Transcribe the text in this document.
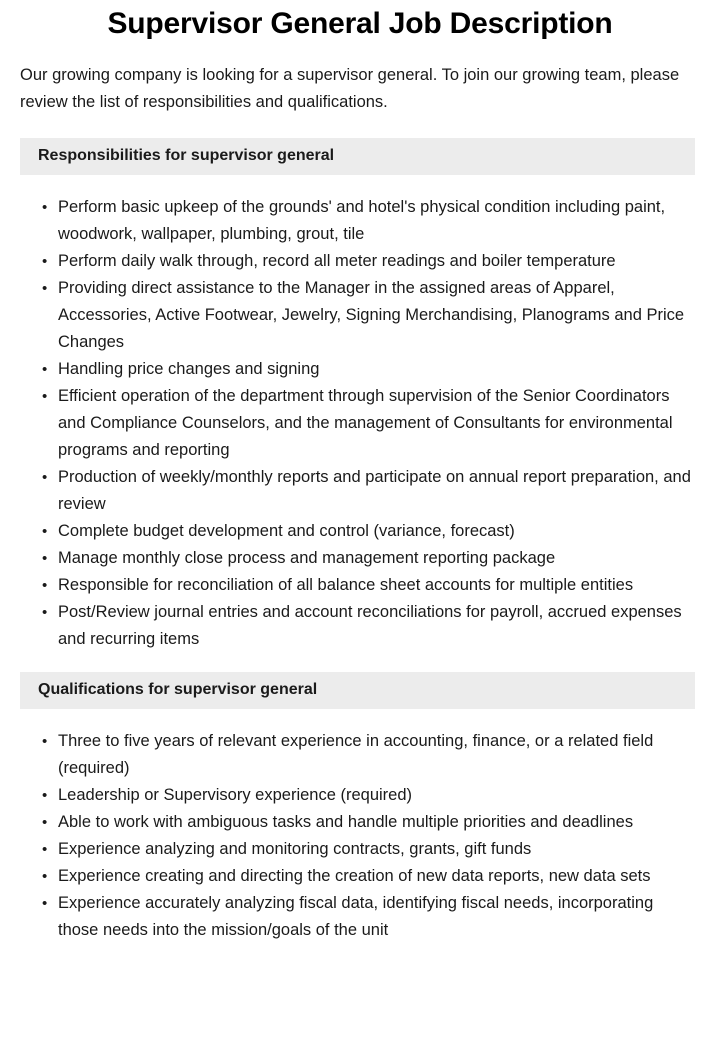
Supervisor General Job Description

Our growing company is looking for a supervisor general. To join our growing team, please review the list of responsibilities and qualifications.

Responsibilities for supervisor general
• Perform basic upkeep of the grounds' and hotel's physical condition including paint, woodwork, wallpaper, plumbing, grout, tile
• Perform daily walk through, record all meter readings and boiler temperature
• Providing direct assistance to the Manager in the assigned areas of Apparel, Accessories, Active Footwear, Jewelry, Signing Merchandising, Planograms and Price Changes
• Handling price changes and signing
• Efficient operation of the department through supervision of the Senior Coordinators and Compliance Counselors, and the management of Consultants for environmental programs and reporting
• Production of weekly/monthly reports and participate on annual report preparation, and review
• Complete budget development and control (variance, forecast)
• Manage monthly close process and management reporting package
• Responsible for reconciliation of all balance sheet accounts for multiple entities
• Post/Review journal entries and account reconciliations for payroll, accrued expenses and recurring items
Qualifications for supervisor general
• Three to five years of relevant experience in accounting, finance, or a related field (required)
• Leadership or Supervisory experience (required)
• Able to work with ambiguous tasks and handle multiple priorities and deadlines
• Experience analyzing and monitoring contracts, grants, gift funds
• Experience creating and directing the creation of new data reports, new data sets
• Experience accurately analyzing fiscal data, identifying fiscal needs, incorporating those needs into the mission/goals of the unit
